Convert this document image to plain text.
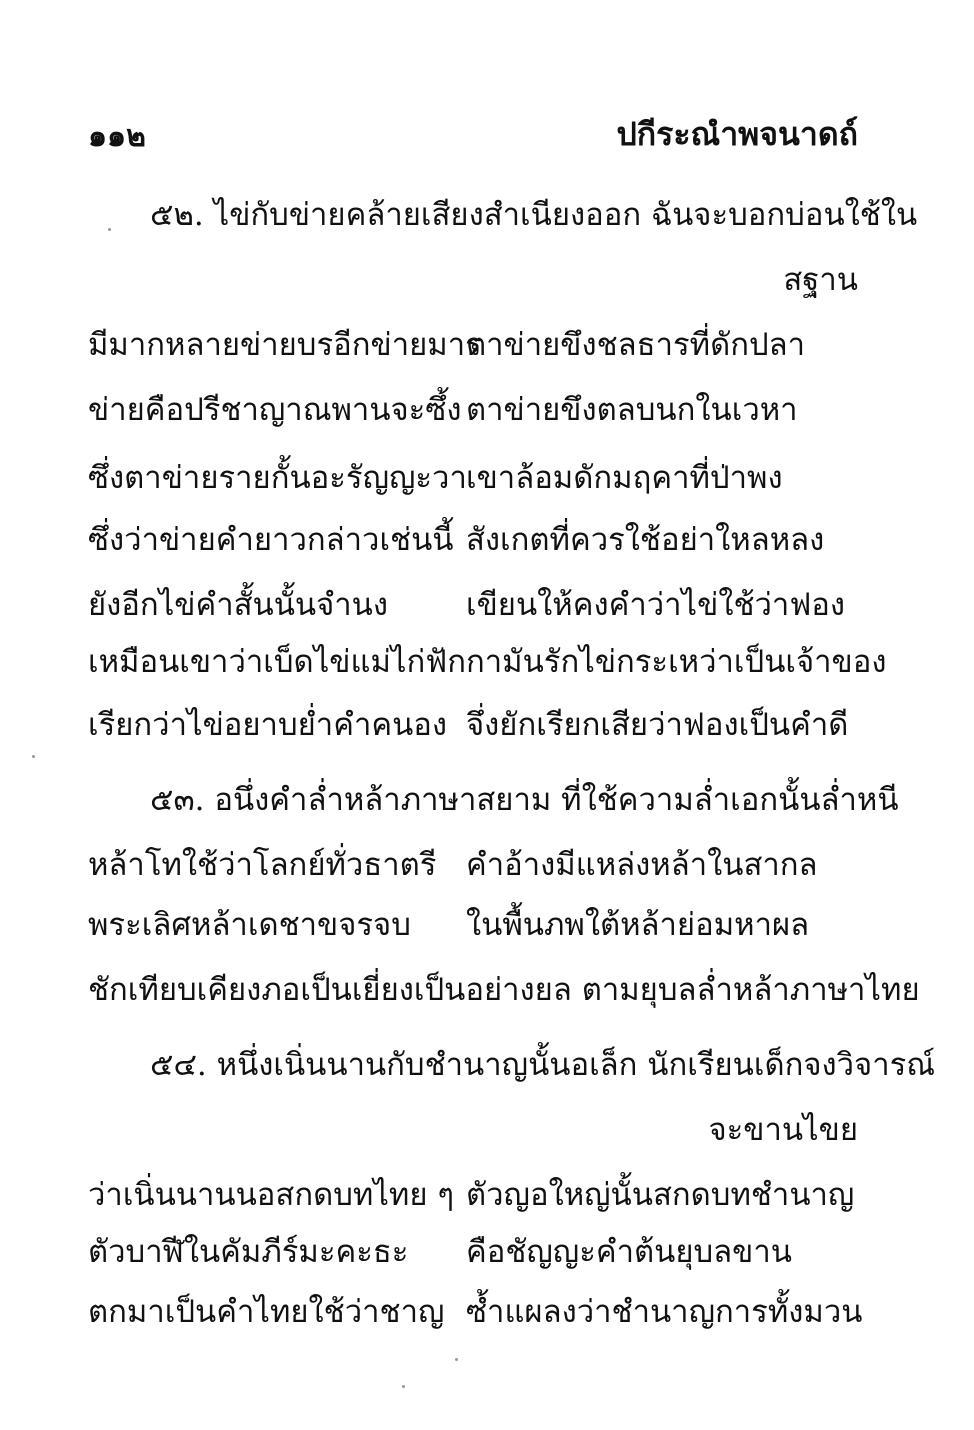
๑๑๒	ปกีระณำพจนาดถ์
๕๒. ไข่กับข่ายคล้ายเสียงสำเนียงออก ฉันจะบอกบ่อนใช้ใน
สฐาน
มีมากหลายข่ายบรอีกข่ายมาร
ตาข่ายขึงชลธารที่ดักปลา
ข่ายคือปรีชาญาณพานจะซึ้ง ตาข่ายขึงตลบนกในเวหา
ซึ่งตาข่ายรายกั้นอะรัญญะวา เขาล้อมดักมฤคาที่ป่าพง
ซึ่งว่าข่ายคำยาวกล่าวเช่นนี้ สังเกตที่ควรใช้อย่าใหลหลง
ยังอีกไข่คำสั้นนั้นจำนง	เขียนให้คงคำว่าไข่ใช้ว่าฟอง
เหมือนเขาว่าเบ็ดไข่แม่ไก่ฟัก กามันรักไข่กระเหว่าเป็นเจ้าของ
เรียกว่าไข่อยาบย่ำคำคนอง จึ่งยักเรียกเสียว่าฟองเป็นคำดี
๕๓. อนึ่งคำล่ำหล้าภาษาสยาม ที่ใช้ความล่ำเอกนั้นล่ำหนี
หล้าโทใช้ว่าโลกย์ทั่วธาตรี คำอ้างมีแหล่งหล้าในสากล
พระเลิศหล้าเดชาขจรจบ ในพื้นภพใต้หล้าย่อมหาผล
ชักเทียบเคียงภอเป็นเยี่ยงเป็นอย่างยล ตามยุบลล่ำหล้าภาษาไทย
๕๔. หนึ่งเนิ่นนานกับชำนาญนั้นอเล็ก นักเรียนเด็กจงวิจารณ์
จะขานไขย
ว่าเนิ่นนานนอสกดบทไทย ๆ ตัวญอใหญ่นั้นสกดบทชำนาญ
ตัวบาฬีในคัมภีร์มะคะธะ คือชัญญะคำต้นยุบลขาน
ตกมาเป็นคำไทยใช้ว่าชาญ ซ้ำแผลงว่าชำนาญการทั้งมวน
